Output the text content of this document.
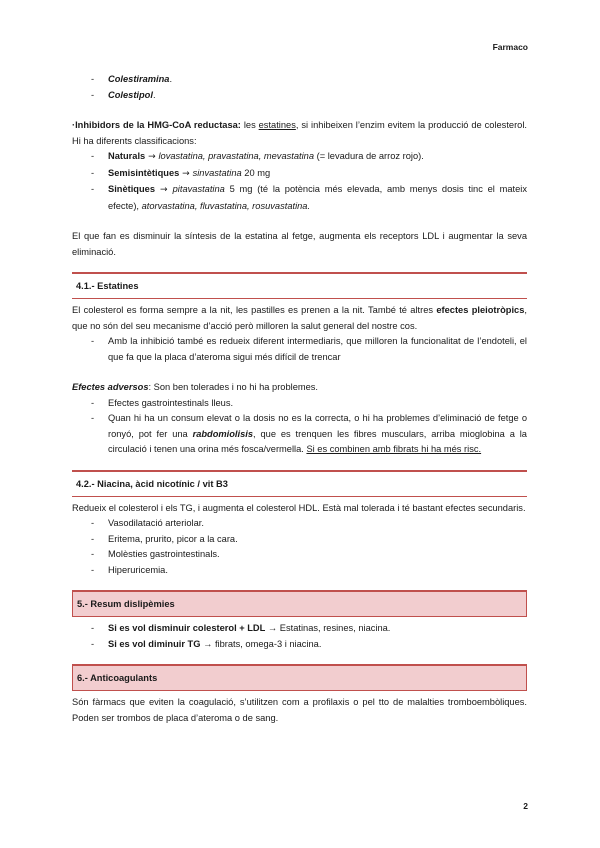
Farmaco
- Colestiramina.
- Colestipol.

·Inhibidors de la HMG-CoA reductasa: les estatines, si inhibeixen l’enzim evitem la producció de colesterol. Hi ha diferents classificacions:

- Naturals → lovastatina, pravastatina, mevastatina (= levadura de arroz rojo).
- Semisintètiques → sinvastatina 20 mg
- Sinètiques → pitavastatina 5 mg (té la potència més elevada, amb menys dosis tinc el mateix efecte), atorvastatina, fluvastatina, rosuvastatina.

El que fan es disminuir la síntesis de la estatina al fetge, augmenta els receptors LDL i augmentar la seva eliminació.

4.1.- Estatines

El colesterol es forma sempre a la nit, les pastilles es prenen a la nit. També té altres efectes pleiotròpics, que no són del seu mecanisme d’acció però milloren la salut general del nostre cos.

- Amb la inhibició també es redueix diferent intermediaris, que milloren la funcionalitat de l’endoteli, el que fa que la placa d’ateroma sigui més difícil de trencar

Efectes adversos: Son ben tolerades i no hi ha problemes.

- Efectes gastrointestinals lleus.
- Quan hi ha un consum elevat o la dosis no es la correcta, o hi ha problemes d’eliminació de fetge o ronyó, pot fer una rabdomiolisis, que es trenquen les fibres musculars, arriba mioglobina a la circulació i tenen una orina més fosca/vermella. Si es combinen amb fibrats hi ha més risc.
4.2.- Niacina, àcid nicotínic / vit B3

Redueix el colesterol i els TG, i augmenta el colesterol HDL. Està mal tolerada i té bastant efectes secundaris.

- Vasodilatació arteriolar.
- Eritema, prurito, picor a la cara.
- Molèsties gastrointestinals.
- Hiperuricemia.
5.- Resum dislipèmies
- Si es vol disminuir colesterol + LDL → Estatinas, resines, niacina.
- Si es vol diminuir TG → fibrats, omega-3 i niacina.
6.- Anticoagulants

Són fàrmacs que eviten la coagulació, s’utilitzen com a profilaxis o pel tto de malalties tromboembòliques. Poden ser trombos de placa d’ateroma o de sang.

2
